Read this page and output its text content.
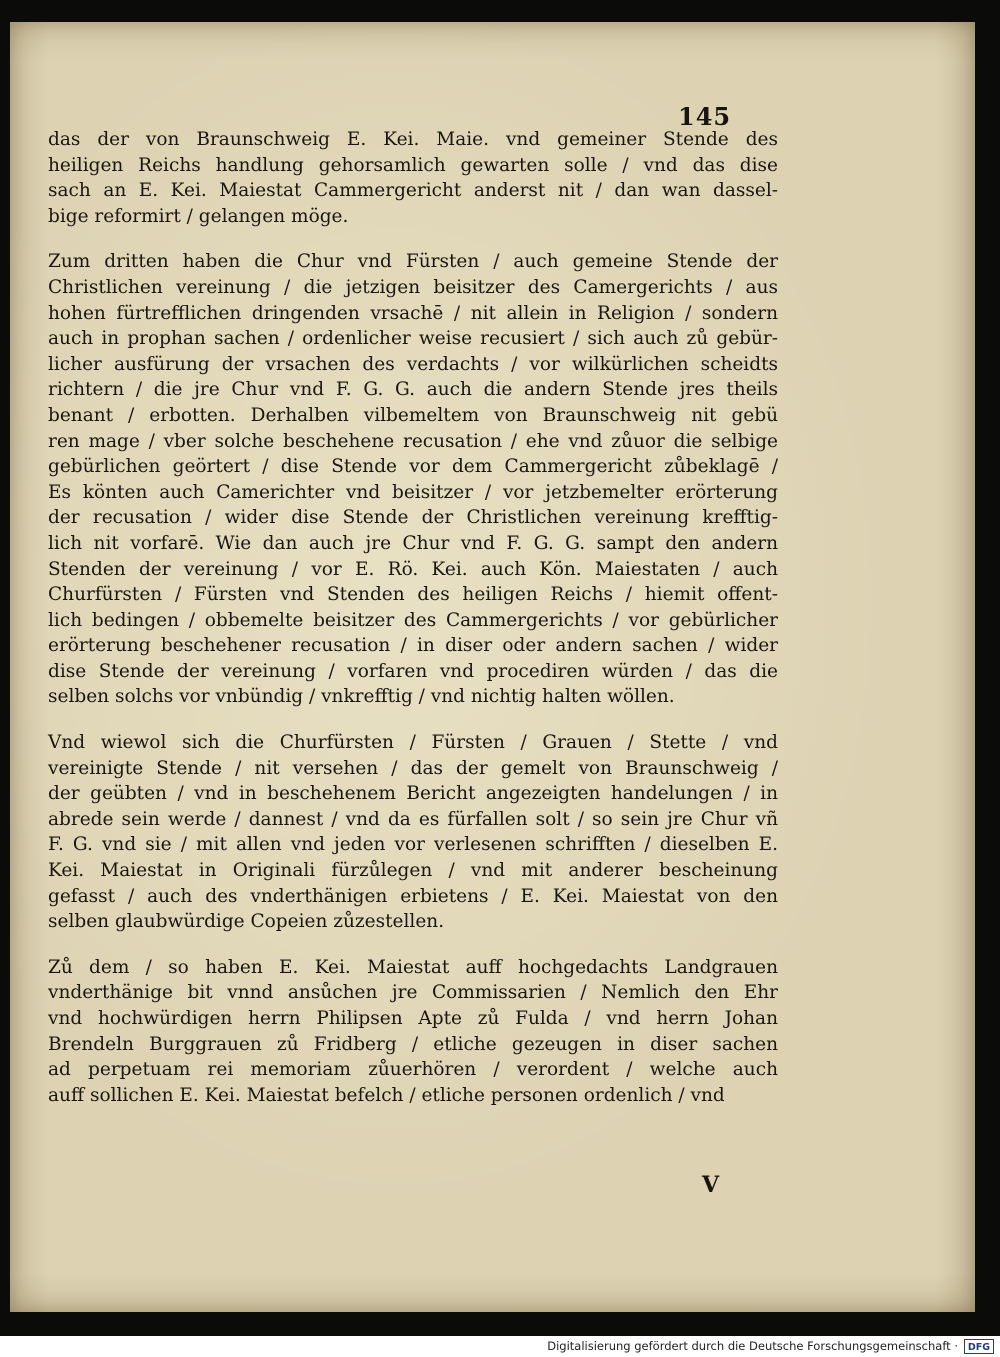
145
das der von Braunschweig E. Kei. Maie. vnd gemeiner Stende des
heiligen Reichs handlung gehorsamlich gewarten solle / vnd das dise
sach an E. Kei. Maiestat Cammergericht anderst nit / dan wan dassel-
bige reformirt / gelangen möge.
Zum dritten haben die Chur vnd Fürsten / auch gemeine Stende der
Christlichen vereinung / die jetzigen beisitzer des Camergerichts / aus
hohen fürtrefflichen dringenden vrsachē / nit allein in Religion / sondern
auch in prophan sachen / ordenlicher weise recusiert / sich auch zů gebür-
licher ausfürung der vrsachen des verdachts / vor wilkürlichen scheidts
richtern / die jre Chur vnd F. G. G. auch die andern Stende jres theils
benant / erbotten. Derhalben vilbemeltem von Braunschweig nit gebü
ren mage / vber solche beschehene recusation / ehe vnd zůuor die selbige
gebürlichen geörtert / dise Stende vor dem Cammergericht zůbeklagē /
Es könten auch Camerichter vnd beisitzer / vor jetzbemelter erörterung
der recusation / wider dise Stende der Christlichen vereinung krefftig-
lich nit vorfarē. Wie dan auch jre Chur vnd F. G. G. sampt den andern
Stenden der vereinung / vor E. Rö. Kei. auch Kön. Maiestaten / auch
Churfürsten / Fürsten vnd Stenden des heiligen Reichs / hiemit offent-
lich bedingen / obbemelte beisitzer des Cammergerichts / vor gebürlicher
erörterung beschehener recusation / in diser oder andern sachen / wider
dise Stende der vereinung / vorfaren vnd procediren würden / das die
selben solchs vor vnbündig / vnkrefftig / vnd nichtig halten wöllen.
Vnd wiewol sich die Churfürsten / Fürsten / Grauen / Stette / vnd
vereinigte Stende / nit versehen / das der gemelt von Braunschweig /
der geübten / vnd in beschehenem Bericht angezeigten handelungen / in
abrede sein werde / dannest / vnd da es fürfallen solt / so sein jre Chur vñ
F. G. vnd sie / mit allen vnd jeden vor verlesenen schrifften / dieselben E.
Kei. Maiestat in Originali fürzůlegen / vnd mit anderer bescheinung
gefasst / auch des vnderthänigen erbietens / E. Kei. Maiestat von den
selben glaubwürdige Copeien zůzestellen.
Zů dem / so haben E. Kei. Maiestat auff hochgedachts Landgrauen
vnderthänige bit vnnd ansůchen jre Commissarien / Nemlich den Ehr
vnd hochwürdigen herrn Philipsen Apte zů Fulda / vnd herrn Johan
Brendeln Burggrauen zů Fridberg / etliche gezeugen in diser sachen
ad perpetuam rei memoriam zůuerhören / verordent / welche auch
auff sollichen E. Kei. Maiestat befelch / etliche personen ordenlich / vnd
V
Digitalisierung gefördert durch die Deutsche Forschungsgemeinschaft ·	DFG
